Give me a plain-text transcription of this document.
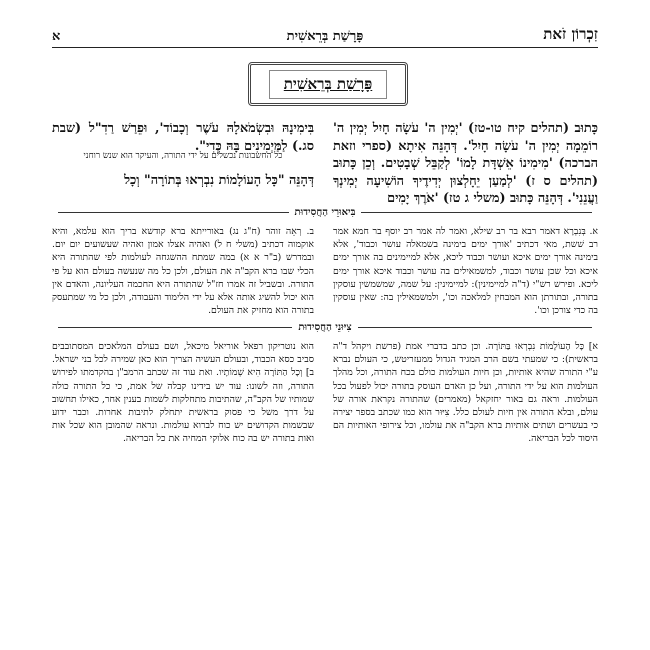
זִכְרוֹן זֹאת
פָּרָשַׁת בְּרֵאשִׁית
א
פָּרָשַׁת בְּרֵאשִׁית

כָּתוּב (תהלים קיח טו-טז) 'יְמִין ה' עֹשָׂה חָיִל יְמִין ה' רוֹמֵמָה יְמִין ה' עֹשָׂה חָיִל'. דְּהָנֵּה אִיתָא (ספרי וזאת הברכה) 'מִימִינוֹ אֵשְׁדָּת לָמוֹ' לְקַבֵּל שְׁבָטִים. וְכֵן כָּתוּב (תהלים ס ז) 'לְמַעַן יֵחָלְצוּן יְדִידֶיךָ הוֹשִׁיעָה יְמִינְךָ וַעֲנֵנִי'. דְּהָנֵּה כָּתוּב (משלי ג טז) 'אֹרֶךְ יָמִים

בִּימִינָהּ וּבִשְׂמֹאלָהּ עֹשֶׁר וְכָבוֹד', וּפֵרַשׁ רַדִ"ל (שבת סג.) לַמַּיְמִינִים בָּהּ כְּדִי".

כל החשבונות נכשלים על ידי התורה, והעיקר הוא שנשׂ רוחני

דְּהָנֵּה "כָּל הָעוֹלָמוֹת נִבְרְאוּ בְּתוֹרָה" וְכָל

בִּיאוּרֵי הַחֲסִידוּת

א. בְּנִבְרָא דאמר רבא בר רב שילא, ואמר לה אמר רב יוסף בר חמא אמר רב שׁשת, מאי דכתיב 'אורך ימים בימינה בשמאלה עושר וכבוד', אלא בימינה אורך ימים איכא ועושר וכבוד ליכא, אלא למיימינים בה אורך ימים איכא וכל שכן עושר וכבוד, למשמאילים בה עושר וכבוד איכא אורך ימים ליכא. ופירש רש"י (ד"ה למיימינין): למיימינין: על שמה, שמשמשין עוסקין בתורה, ובתורתן הוא המבחין למלאכה וכו', ולמשמאילין בה: שאין עוסקין בה כדי צורכן וכו'.

ב. רְאֵה זוהר (ח"ג נג) באורייתא ברא קודשא בריך הוא עלמא, והיא אוקמוה דכתיב (משלי ח ל) ואהיה אצלו אמון ואהיה שעשועים יום יום. ובמדרש (ב"ר א א) במה שמתח ההשגחה לעולמות לפי שהתורה היא הכלי שבו ברא הקב"ה את העולם, ולכן כל מה שנעשה בעולם הוא על פי התורה. ובשביל זה אמרו חז"ל שהתורה היא החכמה העליונה, והאדם אין הוא יכול להשיג אותה אלא על ידי הלימוד והעבודה, ולכן כל מי שמתעסק בתורה הוא מחזיק את העולם.

צִיּוּנֵי הַחֲסִידוּת

א] כָּל הָעוֹלָמוֹת נִבְרְאוּ בַּתּוֹרָה. וכן כתב בדברי אמת (פרשת ויקהל ד"ה בראשית): כי שמעתי בשם הרב המגיד הגדול ממעזריטש, כי העולם נברא ע"י התורה שהיא אותיות, וכן חיות העולמות כולם בכח התורה, וכל מהלך העולמות הוא על ידי התורה, ועל כן האדם העוסק בתורה יכול לפעול בכל העולמות. וראה גם באור יחזקאל (מאמרים) שהתורה נקראת אורה של עולם, ובלא התורה אין חיות לעולם כלל. צִיּוּר הוא כמו שכתב בספר יצירה כי בעשרים ושתים אותיות ברא הקב"ה את עולמו, וכל צירופי האותיות הם היסוד לכל הבריאה.

הוא נוטריקון רפאל אוריאל מיכאל, ושם בעולם המלאכים המסתובבים סביב כסא הכבוד, ובעולם העשיה הצריך הוא כאן שמירה לכל בני ישראל. ב] וְכָל הַתּוֹרָה הִיא שְׁמוֹתָיו. ואת עוד זה שכתב הרמב"ן בהקדמתו לפירוש התורה, וזה לשונו: עוד יש בידינו קבלה של אמת, כי כל התורה כולה שמותיו של הקב"ה, שהתיבות מתחלקות לשמות בענין אחר, כאילו תחשוב על דרך משל כי פסוק בראשית יתחלק לתיבות אחרות. וכבר ידוע שבשמות הקדושים יש כוח לברוא עולמות. ונראה שהמובן הוא שכל אות ואות בתורה יש בה כוח אלוקי המחיה את כל הבריאה.
